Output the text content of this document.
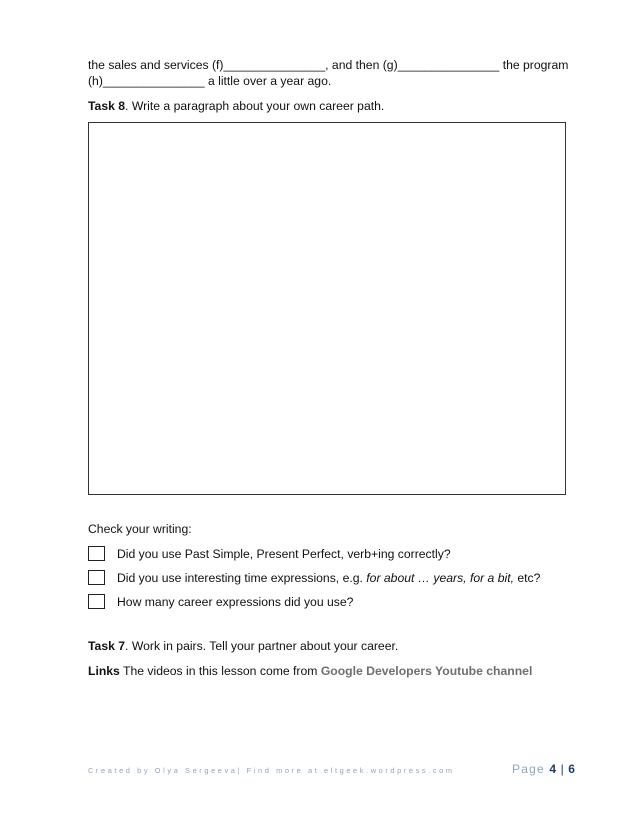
the sales and services (f)_______________, and then (g)_______________ the program
(h)_______________ a little over a year ago.
Task 8. Write a paragraph about your own career path.
Check your writing:
Did you use Past Simple, Present Perfect, verb+ing correctly?
Did you use interesting time expressions, e.g. for about … years, for a bit, etc?
How many career expressions did you use?
Task 7. Work in pairs. Tell your partner about your career.
Links The videos in this lesson come from Google Developers Youtube channel
Created by Olya Sergeeva| Find more at eltgeek.wordpress.com	Page 4 | 6
